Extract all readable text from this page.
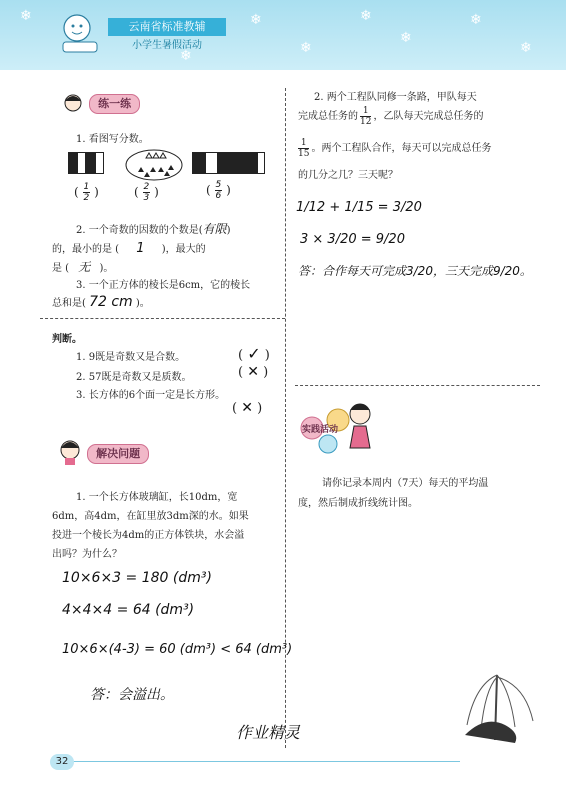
❄	❄
❄
❄
❄
❄
❄
❄
云南省标准教辅
小学生暑假活动
练一练
1. 看图写分数。
( $\frac{1}{2}$ )	( $\frac{2}{3}$ )	( $\frac{5}{6}$ )
2. 一个奇数的因数的个数是(有限)
的，最小的是 ( 1 )，最大的
是 ( 无 )。
3. 一个正方体的棱长是6cm，它的棱长
总和是( 72 cm )。
判断。
1. 9既是奇数又是合数。	( ✓ )
2. 57既是奇数又是质数。	( ✕ )
3. 长方体的6个面一定是长方形。
( ✕ )
解决问题
1. 一个长方体玻璃缸，长10dm，宽
6dm，高4dm，在缸里放3dm深的水。如果
投进一个棱长为4dm的正方体铁块，水会溢
出吗？为什么？
10×6×3 = 180 (dm³)
4×4×4 = 64 (dm³)
10×6×(4-3) = 60 (dm³) < 64 (dm³)
答：会溢出。
2. 两个工程队同修一条路，甲队每天
完成总任务的 $\frac{1}{12}$ ，乙队每天完成总任务的
$\frac{1}{15}$ 。两个工程队合作，每天可以完成总任务
的几分之几？三天呢？
1/12 + 1/15 = 3/20
3 × 3/20 = 9/20
答：合作每天可完成3/20，三天完成9/20。
实践活动
请你记录本周内（7天）每天的平均温
度，然后制成折线统计图。
32
作业精灵
